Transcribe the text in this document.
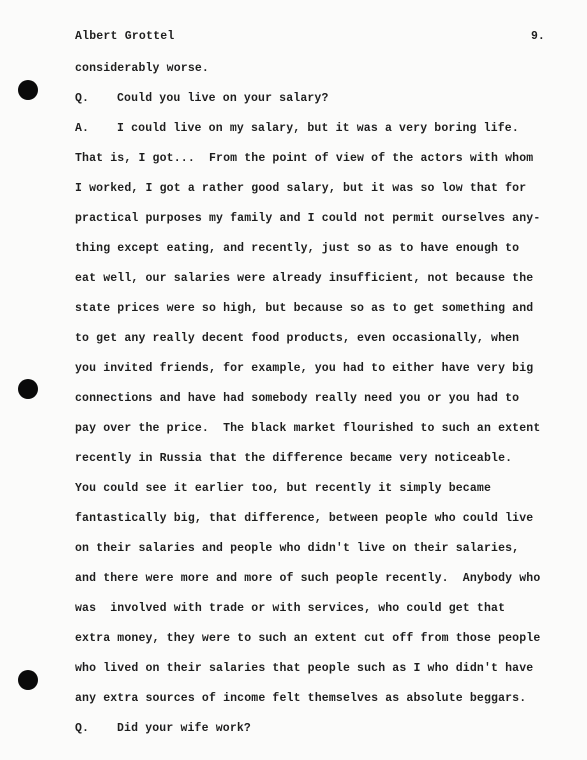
Albert Grottel	9.
considerably worse.
Q. Could you live on your salary?
A. I could live on my salary, but it was a very boring life.
That is, I got...  From the point of view of the actors with whom
I worked, I got a rather good salary, but it was so low that for
practical purposes my family and I could not permit ourselves any-
thing except eating, and recently, just so as to have enough to
eat well, our salaries were already insufficient, not because the
state prices were so high, but because so as to get something and
to get any really decent food products, even occasionally, when
you invited friends, for example, you had to either have very big
connections and have had somebody really need you or you had to
pay over the price.  The black market flourished to such an extent
recently in Russia that the difference became very noticeable.
You could see it earlier too, but recently it simply became
fantastically big, that difference, between people who could live
on their salaries and people who didn't live on their salaries,
and there were more and more of such people recently.  Anybody who
was  involved with trade or with services, who could get that
extra money, they were to such an extent cut off from those people
who lived on their salaries that people such as I who didn't have
any extra sources of income felt themselves as absolute beggars.
Q. Did your wife work?
